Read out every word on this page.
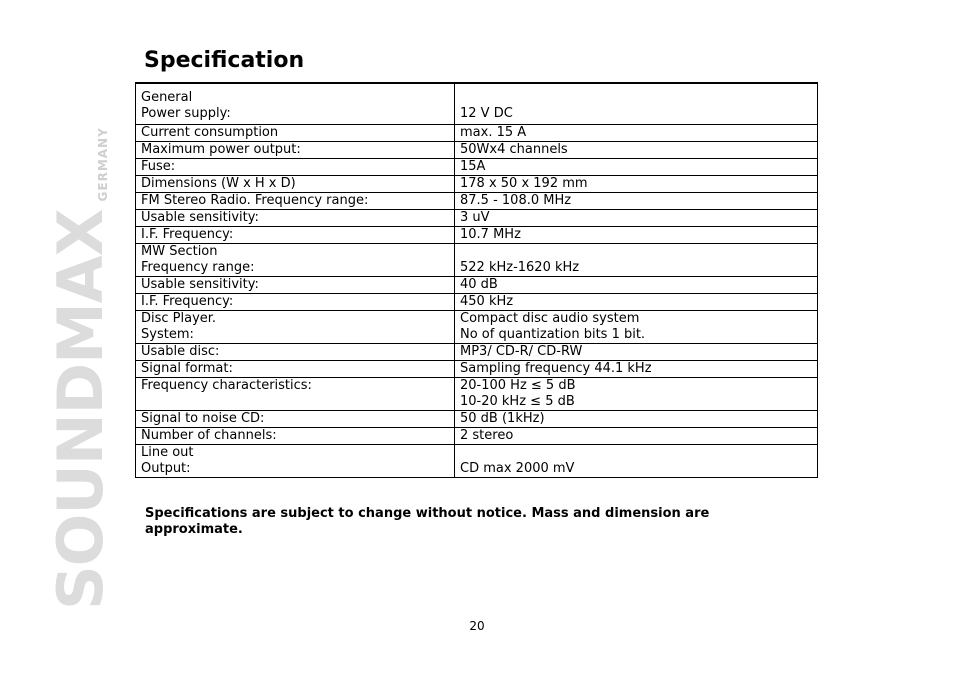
SOUNDMAX
GERMANY
Specification
General
Power supply:	12 V DC

Current consumption	max. 15 A

Maximum power output:	50Wx4 channels

Fuse:	15A

Dimensions (W x H x D)	178 x 50 x 192 mm

FM Stereo Radio. Frequency range:	87.5 - 108.0 MHz

Usable sensitivity:	3 uV

I.F. Frequency:	10.7 MHz

MW Section
Frequency range:	522 kHz-1620 kHz

Usable sensitivity:	40 dB

I.F. Frequency:	450 kHz

Disc Player.
System:	Compact disc audio system
No of quantization bits 1 bit.

Usable disc:	MP3/ CD-R/ CD-RW

Signal format:	Sampling frequency 44.1 kHz

Frequency characteristics:	20-100 Hz ≤ 5 dB
10-20 kHz ≤ 5 dB

Signal to noise CD:	50 dB (1kHz)

Number of channels:	2 stereo

Line out
Output:	CD max 2000 mV
Specifications are subject to change without notice. Mass and dimension are approximate.
20
